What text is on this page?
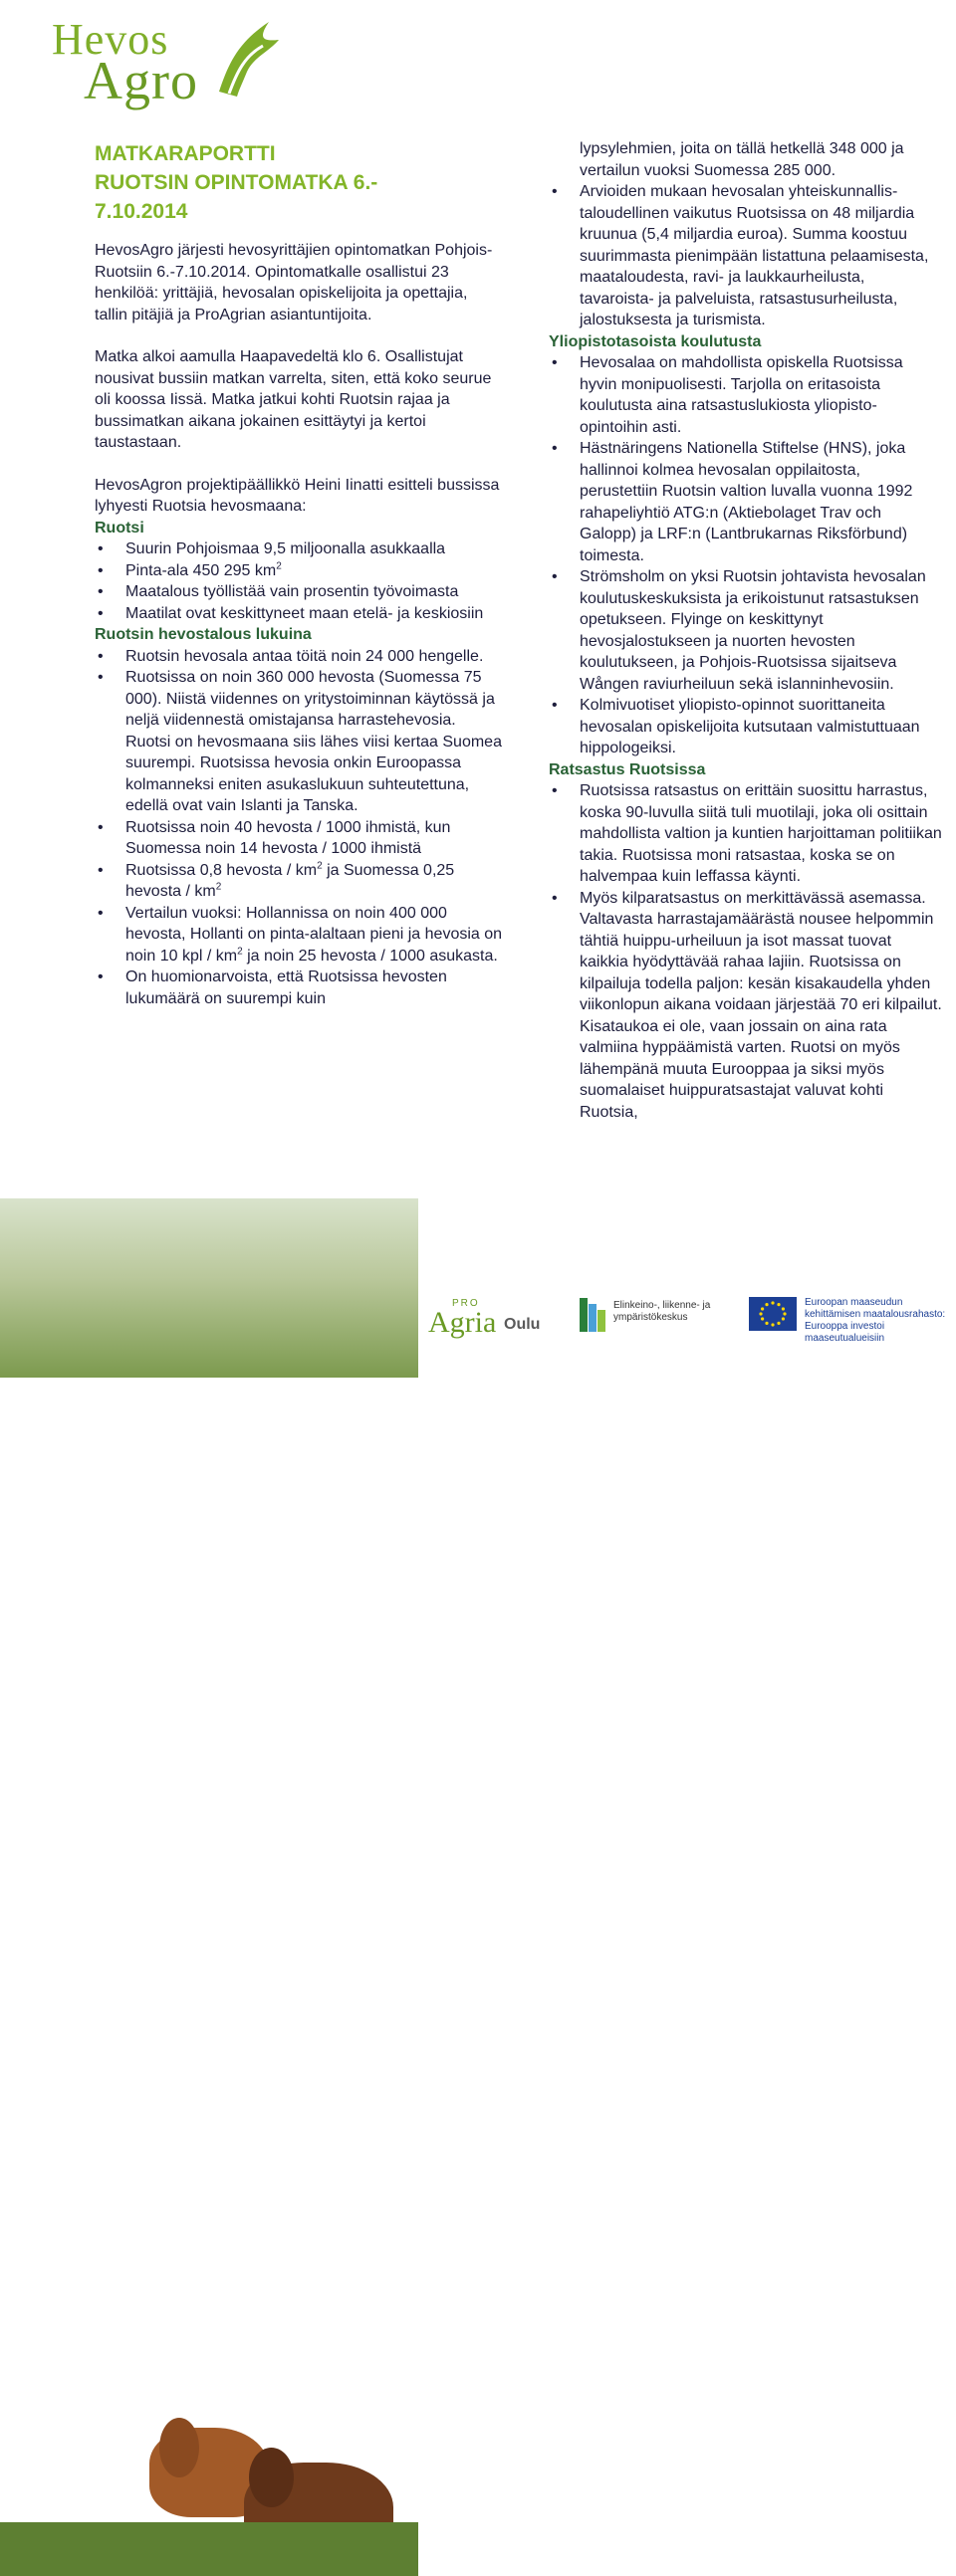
Hevos
Agro
MATKARAPORTTI
RUOTSIN OPINTOMATKA 6.-
7.10.2014

HevosAgro järjesti hevosyrittäjien opintomatkan Pohjois-Ruotsiin 6.-7.10.2014. Opintomatkalle osallistui 23 henkilöä: yrittäjiä, hevosalan opiskelijoita ja opettajia, tallin pitäjiä ja ProAgrian asiantuntijoita.

Matka alkoi aamulla Haapavedeltä klo 6. Osallistujat nousivat bussiin matkan varrelta, siten, että koko seurue oli koossa Iissä. Matka jatkui kohti Ruotsin rajaa ja bussimatkan aikana jokainen esittäytyi ja kertoi taustastaan.

HevosAgron projektipäällikkö Heini Iinatti esitteli bussissa lyhyesti Ruotsia hevosmaana:

Ruotsi
• Suurin Pohjoismaa 9,5 miljoonalla asukkaalla
• Pinta-ala 450 295 $km^2$
• Maatalous työllistää vain prosentin työvoimasta
• Maatilat ovat keskittyneet maan etelä- ja keskiosiin
Ruotsin hevostalous lukuina
• Ruotsin hevosala antaa töitä noin 24 000 hengelle.
• Ruotsissa on noin 360 000 hevosta (Suomessa 75 000). Niistä viidennes on yritystoiminnan käytössä ja neljä viidennestä omistajansa harrastehevosia. Ruotsi on hevosmaana siis lähes viisi kertaa Suomea suurempi. Ruotsissa hevosia onkin Euroopassa kolmanneksi eniten asukaslukuun suhteutettuna, edellä ovat vain Islanti ja Tanska.
• Ruotsissa noin 40 hevosta / 1000 ihmistä, kun Suomessa noin 14 hevosta / 1000 ihmistä
• Ruotsissa 0,8 hevosta / $km^2$ ja Suomessa 0,25 hevosta / $km^2$
• Vertailun vuoksi: Hollannissa on noin 400 000 hevosta, Hollanti on pinta-alaltaan pieni ja hevosia on noin 10 kpl / $km^2$ ja noin 25 hevosta / 1000 asukasta.
• On huomionarvoista, että Ruotsissa hevosten lukumäärä on suurempi kuin
lypsylehmien, joita on tällä hetkellä 348 000 ja vertailun vuoksi Suomessa 285 000.
• Arvioiden mukaan hevosalan yhteiskunnallis-taloudellinen vaikutus Ruotsissa on 48 miljardia kruunua (5,4 miljardia euroa). Summa koostuu suurimmasta pienimpään listattuna pelaamisesta, maataloudesta, ravi- ja laukkaurheilusta, tavaroista- ja palveluista, ratsastusurheilusta, jalostuksesta ja turismista.
Yliopistotasoista koulutusta
• Hevosalaa on mahdollista opiskella Ruotsissa hyvin monipuolisesti. Tarjolla on eritasoista koulutusta aina ratsastuslukiosta yliopisto-opintoihin asti.
• Hästnäringens Nationella Stiftelse (HNS), joka hallinnoi kolmea hevosalan oppilaitosta, perustettiin Ruotsin valtion luvalla vuonna 1992 rahapeliyhtiö ATG:n (Aktiebolaget Trav och Galopp) ja LRF:n (Lantbrukarnas Riksförbund) toimesta.
• Strömsholm on yksi Ruotsin johtavista hevosalan koulutuskeskuksista ja erikoistunut ratsastuksen opetukseen. Flyinge on keskittynyt hevosjalostukseen ja nuorten hevosten koulutukseen, ja Pohjois-Ruotsissa sijaitseva Wången raviurheiluun sekä islanninhevosiin.
• Kolmivuotiset yliopisto-opinnot suorittaneita hevosalan opiskelijoita kutsutaan valmistuttuaan hippologeiksi.
Ratsastus Ruotsissa
• Ruotsissa ratsastus on erittäin suosittu harrastus, koska 90-luvulla siitä tuli muotilaji, joka oli osittain mahdollista valtion ja kuntien harjoittaman politiikan takia. Ruotsissa moni ratsastaa, koska se on halvempaa kuin leffassa käynti.
• Myös kilparatsastus on merkittävässä asemassa. Valtavasta harrastajamäärästä nousee helpommin tähtiä huippu-urheiluun ja isot massat tuovat kaikkia hyödyttävää rahaa lajiin. Ruotsissa on kilpailuja todella paljon: kesän kisakaudella yhden viikonlopun aikana voidaan järjestää 70 eri kilpailut. Kisataukoa ei ole, vaan jossain on aina rata valmiina hyppäämistä varten. Ruotsi on myös lähempänä muuta Eurooppaa ja siksi myös suomalaiset huippuratsastajat valuvat kohti Ruotsia,
PRO
Agria Oulu
Elinkeino-, liikenne- ja ympäristökeskus
Euroopan maaseudun kehittämisen maatalousrahasto: Eurooppa investoi maaseutualueisiin
